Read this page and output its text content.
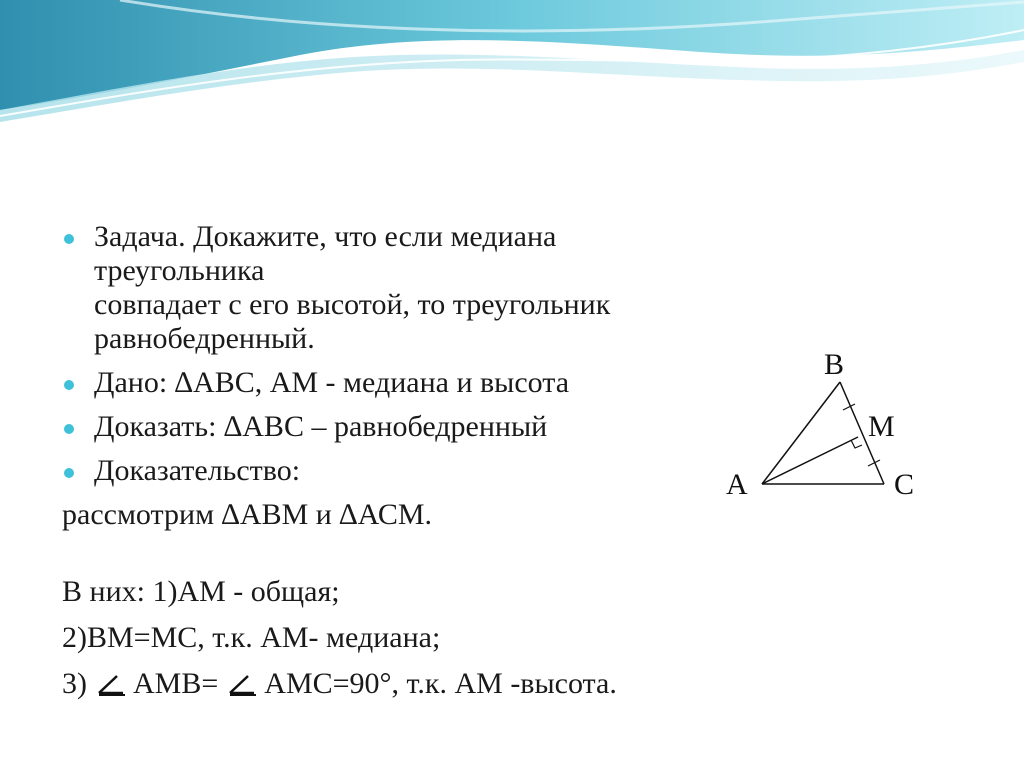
Задача. Докажите, что если медиана треугольника
совпадает с его высотой, то треугольник
равнобедренный.
Дано: ∆АВС, АМ - медиана и высота
Доказать: ∆АВС – равнобедренный
Доказательство:
рассмотрим ∆АВМ и ∆АСМ.
В них: 1)АМ - общая;
2)ВМ=МС, т.к. АМ- медиана;
3) АМВ= АМС=90°, т.к. АМ -высота.
В
М
А	С
